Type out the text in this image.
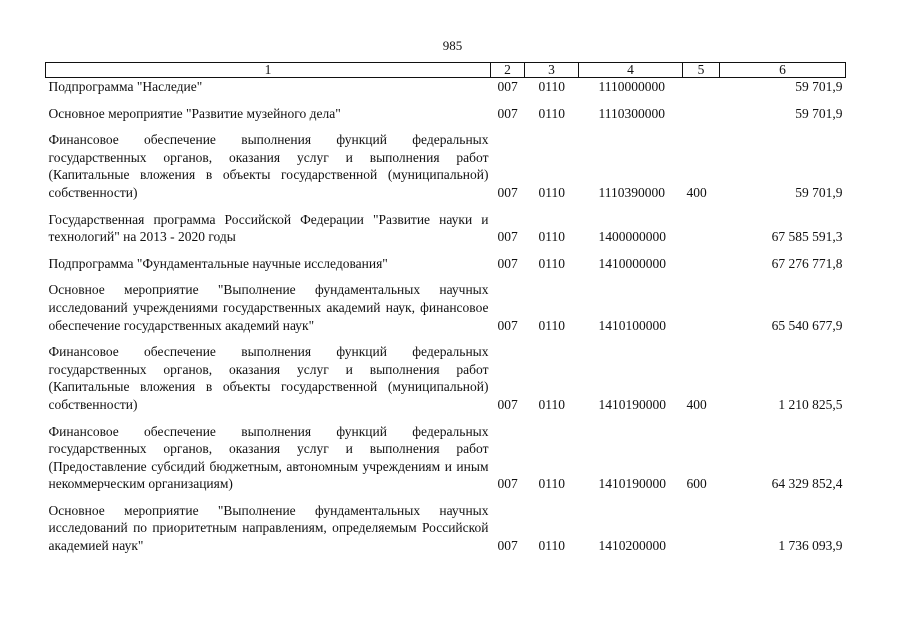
985
1	2	3	4	5	6
Подпрограмма "Наследие"	007	0110	1110000000		59 701,9
Основное мероприятие "Развитие музейного дела"	007	0110	1110300000		59 701,9
Финансовое обеспечение выполнения функций федеральных государственных органов, оказания услуг и выполнения работ (Капитальные вложения в объекты государственной (муниципальной) собственности)	007	0110	1110390000	400	59 701,9
Государственная программа Российской Федерации "Развитие науки и технологий" на 2013 - 2020 годы	007	0110	1400000000		67 585 591,3
Подпрограмма "Фундаментальные научные исследования"	007	0110	1410000000		67 276 771,8
Основное мероприятие "Выполнение фундаментальных научных исследований учреждениями государственных академий наук, финансовое обеспечение государственных академий наук"	007	0110	1410100000		65 540 677,9
Финансовое обеспечение выполнения функций федеральных государственных органов, оказания услуг и выполнения работ (Капитальные вложения в объекты государственной (муниципальной) собственности)	007	0110	1410190000	400	1 210 825,5
Финансовое обеспечение выполнения функций федеральных государственных органов, оказания услуг и выполнения работ (Предоставление субсидий бюджетным, автономным учреждениям и иным некоммерческим организациям)	007	0110	1410190000	600	64 329 852,4
Основное мероприятие "Выполнение фундаментальных научных исследований по приоритетным направлениям, определяемым Российской академией наук"	007	0110	1410200000		1 736 093,9
